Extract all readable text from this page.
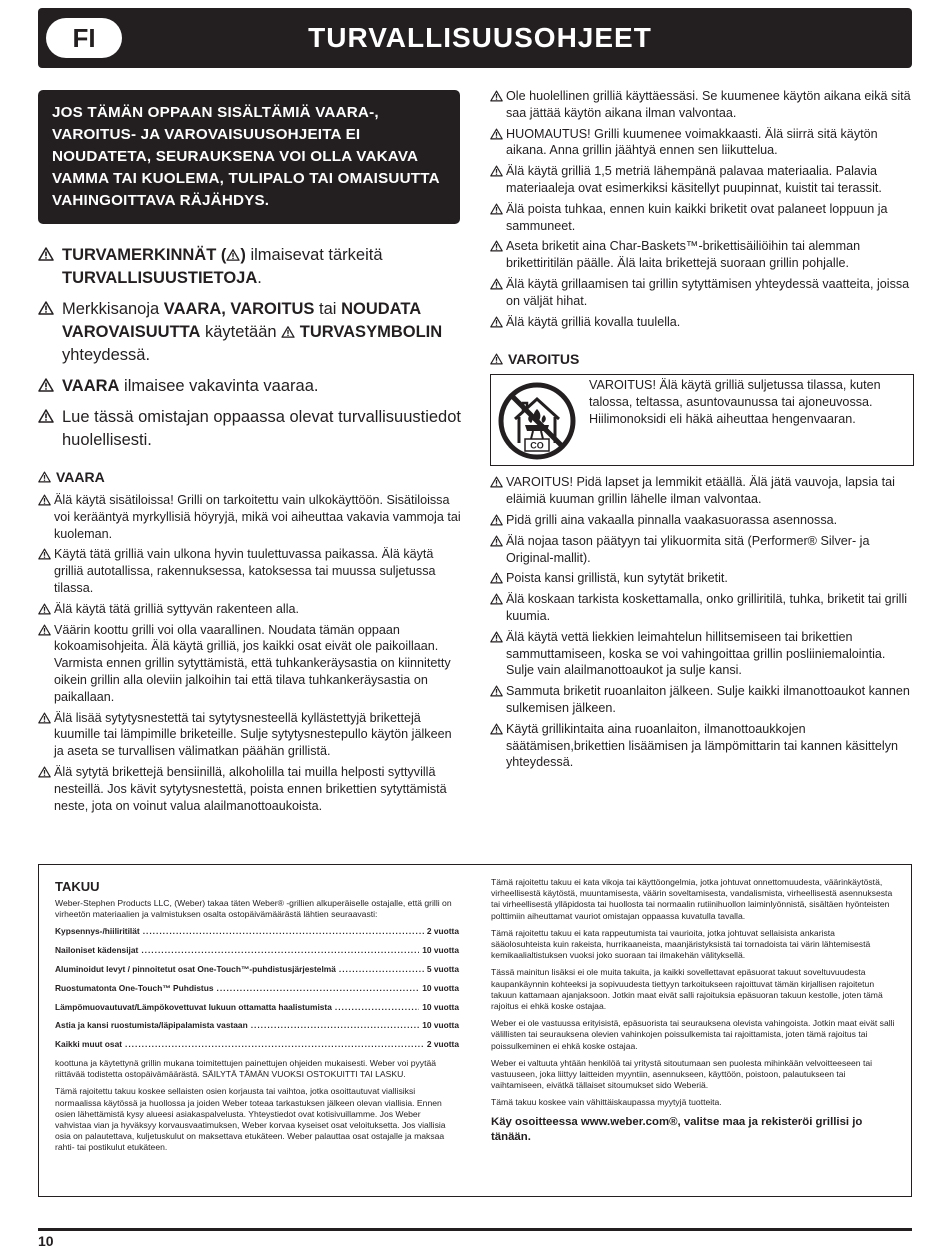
FI	TURVALLISUUSOHJEET
JOS TÄMÄN OPPAAN SISÄLTÄMIÄ VAARA-, VAROITUS- JA VAROVAISUUSOHJEITA EI NOUDATETA, SEURAUKSENA VOI OLLA VAKAVA VAMMA TAI KUOLEMA, TULIPALO TAI OMAISUUTTA VAHINGOITTAVA RÄJÄHDYS.
TURVAMERKINNÄT ( ) ilmaisevat tärkeitä TURVALLISUUSTIETOJA.
Merkkisanoja VAARA, VAROITUS tai NOUDATA VAROVAISUUTTA käytetään  TURVASYMBOLIN yhteydessä.
VAARA ilmaisee vakavinta vaaraa.
Lue tässä omistajan oppaassa olevat turvallisuustiedot huolellisesti.
VAARA
Älä käytä sisätiloissa! Grilli on tarkoitettu vain ulkokäyttöön. Sisätiloissa voi kerääntyä myrkyllisiä höyryjä, mikä voi aiheuttaa vakavia vammoja tai kuoleman.
Käytä tätä grilliä vain ulkona hyvin tuulettuvassa paikassa. Älä käytä grilliä autotallissa, rakennuksessa, katoksessa tai muussa suljetussa tilassa.
Älä käytä tätä grilliä syttyvän rakenteen alla.
Väärin koottu grilli voi olla vaarallinen. Noudata tämän oppaan kokoamisohjeita. Älä käytä grilliä, jos kaikki osat eivät ole paikoillaan. Varmista ennen grillin sytyttämistä, että tuhkankeräysastia on kiinnitetty oikein grillin alla oleviin jalkoihin tai että tilava tuhkankeräysastia on paikallaan.
Älä lisää sytytysnestettä tai sytytysnesteellä kyllästettyjä brikettejä kuumille tai lämpimille briketeille. Sulje sytytysnestepullo käytön jälkeen ja aseta se turvallisen välimatkan päähän grillistä.
Älä sytytä brikettejä bensiinillä, alkoholilla tai muilla helposti syttyvillä nesteillä. Jos kävit sytytysnestettä, poista ennen brikettien sytyttämistä neste, jota on voinut valua alailmanottoaukoista.
Ole huolellinen grilliä käyttäessäsi. Se kuumenee käytön aikana eikä sitä saa jättää käytön aikana ilman valvontaa.
HUOMAUTUS! Grilli kuumenee voimakkaasti. Älä siirrä sitä käytön aikana. Anna grillin jäähtyä ennen sen liikuttelua.
Älä käytä grilliä 1,5 metriä lähempänä palavaa materiaalia. Palavia materiaaleja ovat esimerkiksi käsitellyt puupinnat, kuistit tai terassit.
Älä poista tuhkaa, ennen kuin kaikki briketit ovat palaneet loppuun ja sammuneet.
Aseta briketit aina Char-Baskets™-brikettisäiliöihin tai alemman brikettiritilän päälle. Älä laita brikettejä suoraan grillin pohjalle.
Älä käytä grillaamisen tai grillin sytyttämisen yhteydessä vaatteita, joissa on väljät hihat.
Älä käytä grilliä kovalla tuulella.
VAROITUS
CO
VAROITUS! Älä käytä grilliä suljetussa tilassa, kuten talossa, teltassa, asuntovaunussa tai ajoneuvossa. Hiilimonoksidi eli häkä aiheuttaa hengenvaaran.
VAROITUS! Pidä lapset ja lemmikit etäällä. Älä jätä vauvoja, lapsia tai eläimiä kuuman grillin lähelle ilman valvontaa.
Pidä grilli aina vakaalla pinnalla vaakasuorassa asennossa.
Älä nojaa tason päätyyn tai ylikuormita sitä (Performer® Silver- ja Original-mallit).
Poista kansi grillistä, kun sytytät briketit.
Älä koskaan tarkista koskettamalla, onko grilliritilä, tuhka, briketit tai grilli kuumia.
Älä käytä vettä liekkien leimahtelun hillitsemiseen tai brikettien sammuttamiseen, koska se voi vahingoittaa grillin posliiniemalointia. Sulje vain alailmanottoaukot ja sulje kansi.
Sammuta briketit ruoanlaiton jälkeen. Sulje kaikki ilmanottoaukot kannen sulkemisen jälkeen.
Käytä grillikintaita aina ruoanlaiton, ilmanottoaukkojen säätämisen,brikettien lisäämisen ja lämpömittarin tai kannen käsittelyn yhteydessä.
TAKUU
Weber-Stephen Products LLC, (Weber) takaa täten Weber® -grillien alkuperäiselle ostajalle, että grilli on virheetön materiaalien ja valmistuksen osalta ostopäivämäärästä lähtien seuraavasti:
Kypsennys-/hiiliritilät .....	2 vuotta
Nailoniset kädensijat .....	10 vuotta
Aluminoidut levyt / pinnoitetut osat One-Touch™-puhdistusjärjestelmä .....	5 vuotta
Ruostumatonta One-Touch™ Puhdistus .....	10 vuotta
Lämpömuovautuvat/Lämpökovettuvat lukuun ottamatta haalistumista .....	10 vuotta
Astia ja kansi ruostumista/läpipalamista vastaan .....	10 vuotta
Kaikki muut osat .....	2 vuotta
koottuna ja käytettynä grillin mukana toimitettujen painettujen ohjeiden mukaisesti. Weber voi pyytää riittävää todistetta ostopäivämäärästä. SÄILYTÄ TÄMÄN VUOKSI OSTOKUITTI TAI LASKU.
Tämä rajoitettu takuu koskee sellaisten osien korjausta tai vaihtoa, jotka osoittautuvat viallisiksi normaalissa käytössä ja huollossa ja joiden Weber toteaa tarkastuksen jälkeen olevan viallisia. Ennen osien lähettämistä kysy alueesi asiakaspalvelusta. Yhteystiedot ovat kotisivuillamme. Jos Weber vahvistaa vian ja hyväksyy korvausvaatimuksen, Weber korvaa kyseiset osat veloituksetta. Jos viallisia osia on palautettava, kuljetuskulut on maksettava etukäteen. Weber palauttaa osat ostajalle ja maksaa rahti- tai postikulut etukäteen.
Tämä rajoitettu takuu ei kata vikoja tai käyttöongelmia, jotka johtuvat onnettomuudesta, väärinkäytöstä, virheellisestä käytöstä, muuntamisesta, väärin soveltamisesta, vandalismista, virheellisestä asennuksesta tai virheellisestä ylläpidosta tai huollosta tai normaalin rutiinihuollon laiminlyönnistä, sisältäen hyönteisten polttimiin aiheuttamat vauriot omistajan oppaassa kuvatulla tavalla.
Tämä rajoitettu takuu ei kata rappeutumista tai vaurioita, jotka johtuvat sellaisista ankarista sääolosuhteista kuin rakeista, hurrikaaneista, maanjäristyksistä tai tornadoista tai värin lähtemisestä kemikaalialtistuksen vuoksi joko suoraan tai ilmakehän välityksellä.
Tässä mainitun lisäksi ei ole muita takuita, ja kaikki sovellettavat epäsuorat takuut soveltuvuudesta kaupankäynnin kohteeksi ja sopivuudesta tiettyyn tarkoitukseen rajoittuvat tämän kirjallisen rajoitetun takuun kattamaan ajanjaksoon. Jotkin maat eivät salli rajoituksia epäsuoran takuun kestolle, joten tämä rajoitus ei ehkä koske ostajaa.
Weber ei ole vastuussa erityisistä, epäsuorista tai seurauksena olevista vahingoista. Jotkin maat eivät salli välillisten tai seurauksena olevien vahinkojen poissulkemista tai rajoittamista, joten tämä rajoitus tai poissulkeminen ei ehkä koske ostajaa.
Weber ei valtuuta yhtään henkilöä tai yritystä sitoutumaan sen puolesta mihinkään velvoitteeseen tai vastuuseen, joka liittyy laitteiden myyntiin, asennukseen, käyttöön, poistoon, palautukseen tai vaihtamiseen, eivätkä tällaiset sitoumukset sido Weberiä.
Tämä takuu koskee vain vähittäiskaupassa myytyjä tuotteita.
Käy osoitteessa www.weber.com®, valitse maa ja rekisteröi grillisi jo tänään.
10
